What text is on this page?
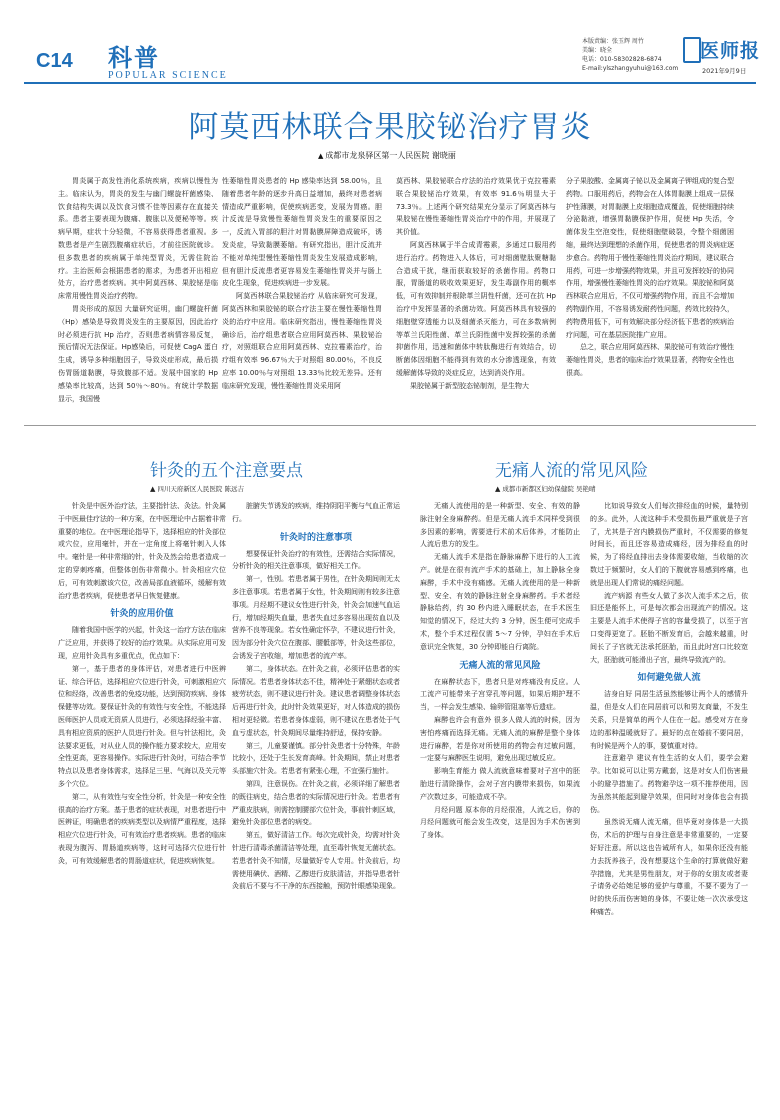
C14 科普
POPULAR SCIENCE
本版责编：张玉辉 周竹
美编：晓全
电话：010-58302828-6874
E-mail:ylszhangyuhui@163.com
医师报
2021年9月9日
阿莫西林联合果胶铋治疗胃炎
▲ 成都市龙泉驿区第一人民医院 谢晓丽

胃炎属于高发性消化系统疾病，疾病以慢性为主。临床认为，胃炎的发生与幽门螺旋杆菌感染、饮食结构失调以及饮食习惯不佳等因素存在直接关系。患者主要表现为腹痛、腹胀以及便秘等等。疾病早期，症状十分轻微，不容易获得患者重视。多数患者是产生剧烈腹痛症状后，才前往医院就诊。但多数患者的疾病属于单纯型胃炎，无需住院治疗。主治医师会根据患者的需求，为患者开出相应处方，治疗患者疾病。其中阿莫西林、果胶铋是临床常用慢性胃炎治疗药物。

胃炎形成的原因 大量研究证明，幽门螺旋杆菌（Hp）感染是导致胃炎发生的主要原因，因此治疗时必须进行抗 Hp 治疗，否则患者病情容易反复，预后情况无法保证。Hp感染后，可促使 CagA 蛋白生成，诱导多种细胞因子，导致炎症形成，最后损伤胃肠道黏膜，导致腹部不适。发展中国家的 Hp 感染率比较高，达到 50％～80％。有统计学数据显示，我国慢

性萎缩性胃炎患者的 Hp 感染率达到 58.00％，且随着患者年龄的逐步升高日益增加，最终对患者病情造成严重影响，促使疾病恶变，发展为胃癌。胆汁反流是导致慢性萎缩性胃炎发生的重要原因之一，反流入胃部的胆汁对胃黏膜屏障造成破坏，诱发炎症，导致黏膜萎缩。有研究指出，胆汁反流并不能对单纯型慢性萎缩性胃炎发生发展造成影响，但有胆汁反流患者更容易发生萎缩性胃炎并与肠上皮化生现象，促进疾病进一步发展。

阿莫西林联合果胶铋治疗 从临床研究可发现，阿莫西林和果胶铋的联合疗法主要在慢性萎缩性胃炎的治疗中应用。临床研究指出，慢性萎缩性胃炎确诊后，治疗组患者联合应用阿莫西林、果胶铋治疗，对照组联合应用阿莫西林、克拉霉素治疗，治疗组有效率 96.67％大于对照组 80.00％，不良反应率 10.00％与对照组 13.33％比较无差异。还有临床研究发现，慢性萎缩性胃炎采用阿

莫西林、果胶铋联合疗法的治疗效果优于克拉霉素联合果胶铋治疗效果，有效率 91.6％明显大于 73.3％。上述两个研究结果充分显示了阿莫西林与果胶铋在慢性萎缩性胃炎治疗中的作用，并展现了其价值。

阿莫西林属于半合成青霉素，多通过口服用药进行治疗。药物进入人体后，可对细菌壁肽聚糖黏合造成干扰，继而获取较好的杀菌作用。药物口服，胃肠道的吸收效果更好，发生毒副作用的概率低，可有效抑制并根除革兰阴性杆菌，还可在抗 Hp 治疗中发挥显著的杀菌功效。阿莫西林具有较强的细胞壁穿透能力以及细菌杀灭能力，可在多数病例等革兰氏阳性菌、革兰氏阴性菌中发挥较强的杀菌抑菌作用，迅速和菌体中转肽酶进行有效结合，切断菌体因细胞不能得到有效的水分渗透现象，有效缓解菌体导致的炎症反应，达到消炎作用。

果胶铋属于新型胶态铋制剂，是生物大

分子果胶酸、金属离子铋以及金属离子钾组成的复合型药物。口服用药后，药物会在人体胃黏膜上组成一层保护性薄膜，对胃黏膜上皮细胞造成覆盖，促使细胞持续分泌黏液，增强胃黏膜保护作用，促使 Hp 失活，令菌体发生空泡变性，促使细胞壁破裂，令整个细菌困缩，最终达到理想的杀菌作用，促使患者的胃炎病症逐步愈合。药物用于慢性萎缩性胃炎治疗期间，建议联合用药，可进一步增强药物效果，并且可发挥较好的协同作用，增强慢性萎缩性胃炎的治疗效果。果胶铋和阿莫西林联合应用后，不仅可增强药物作用，而且不会增加药物副作用，不容易诱发耐药性问题，药效比较持久，药物费用低下，可有效解决部分经济低下患者的疾病治疗问题，可在基层医院推广应用。

总之，联合应用阿莫西林、果胶铋可有效治疗慢性萎缩性胃炎，患者的临床治疗效果显著，药物安全性也很高。

针灸的五个注意要点
▲ 四川天府新区人民医院 陈远吉
无痛人流的常见风险
▲ 成都市新都区妇幼保健院 吴艳晴

针灸是中医外治疗法，主要指针法、灸法。针灸属于中医最佳疗法的一种方案，在中医理论中占据着非常重要的地位。在中医理论指导下，选择相应的针灸部位或穴位，应用毫针，并在一定角度上将毫针刺入人体中。毫针是一种非常细的针，针灸及然会给患者造成一定的穿刺疼痛，但整体创伤非常微小。针灸相应穴位后，可有效刺激该穴位，改善局部血液循环，缓解有效治疗患者疾病，促使患者早日恢复健康。

针灸的应用价值

随着我国中医学的兴起，针灸这一治疗方法在临床广泛应用，并获得了较好的治疗效果。从实际应用可发现，应用针灸具有多重优点，优点如下：

第一，基于患者的身体评估，对患者进行中医辨证、综合评估，选择相应穴位进行针灸，可刺激相应穴位和经络，改善患者的免疫功能，达到预防疾病、身体保健等功效。要保证针灸的有效性与安全性，不能选择医师医护人员或无资质人员进行，必须选择经验丰富、具有相应资质的医护人员进行针灸。但与针法相比，灸法要求更低，对从业人员的操作能力要求较大，应用安全性更高，更容易操作。实际进行针灸时，可结合季节特点以及患者身体需求，选择足三里、气海以及关元等多个穴位。

第二，从有效性与安全性分析，针灸是一种安全性很高的治疗方案。基于患者的症状表现，对患者进行中医辨证，明确患者的疾病类型以及病情严重程度，选择相应穴位进行针灸，可有效治疗患者疾病。患者的临床表现为腹泻、胃肠道疾病等，这时可选择穴位进行针灸，可有效缓解患者的胃肠道症状，促进疾病恢复。

脏腑失节诱发的疾病，维持阴阳平衡与气血正常运行。

针灸时的注意事项

想要保证针灸治疗的有效性，还需结合实际情况，分析针灸的相关注意事项，做好相关工作。

第一，性别。若患者属于男性，在针灸期间则无太多注意事项。若患者属于女性，针灸期间则有较多注意事项。月经期不建议女性进行针灸，针灸会加速气血运行，增加经期失血量，患者失血过多容易出现贫血以及营养不良等现象。若女性确定怀孕，不建议进行针灸，因为部分针灸穴位在腹部、腰骶部等，针灸这些部位，会诱发子宫收缩，增加患者的流产率。

第二，身体状态。在针灸之前，必须评估患者的实际情况。若患者身体状态不佳，精神处于紧绷状态或者疲劳状态，则不建议进行针灸。建议患者调整身体状态后再进行针灸，此时针灸效果更好，对人体造成的损伤相对更轻微。若患者身体虚弱，则不建议在患者处于气血亏虚状态，针灸期间尽量维持舒适，保持安静。

第三，儿童要谨慎。部分针灸患者十分特殊，年龄比较小，还处于生长发育高峰。针灸期间，禁止对患者头部施穴针灸。若患者有紧张心理，不宜强行施针。

第四，注意误伤。在针灸之前，必须详细了解患者的既往病史，结合患者的实际情况进行针灸。若患者有严重皮肤病，则需控制腰部穴位针灸，事前针刺区域，避免针灸部位患者的病变。

第五，做好清洁工作。每次完成针灸，均需对针灸针进行清毒杀菌清洁等处理，直至毒针恢复无菌状态。若患者针灸不知情，尽量做好专人专用。针灸前后，均需使用碘伏、酒精、乙醇进行皮肤清洁，并指导患者针灸前后不要与不干净的东西接触，预防针眼感染现象。

无痛人流使用的是一种新型、安全、有效的静脉注射全身麻醉药。但是无痛人流手术同样受到很多因素的影响，需要进行术前术后体养，才能防止人流后患方的发生。

无痛人流手术是指在静脉麻醉下进行的人工流产。就是在很有流产手术的基础上，加上静脉全身麻醉，手术中没有痛感。无痛人流使用的是一种新型、安全、有效的静脉注射全身麻醉药。手术者经静脉给药，约 30 秒内进入睡眠状态，在手术医生知觉的情况下，经过大约 3 分钟，医生便可完成手术，整个手术过程仅需 5～7 分钟，孕妇在手术后意识完全恢复，30 分钟即能自行离院。

无痛人流的常见风险

在麻醉状态下，患者只是对疼痛没有反应。人工流产可能带来子宫穿孔等问题，如果后期护理不当，一样会发生感染、输卵管阻塞等后遗症。

麻醉也许会有意外 很多人做人流的时候，因为害怕疼痛而选择无痛。无痛人流的麻醉是整个身体进行麻醉，若是你对所使用的药物会有过敏问题，一定要与麻醉医生说明，避免出现过敏反应。

影响生育能力 做人流就意味着要对子宫中的胚胎进行清除操作，会对子宫内膜带来损伤，如果流产次数过多，可能造成不孕。

月经问题 原本你的月经很准，人流之后，你的月经问题就可能会发生改变，这是因为手术伤害到了身体。

比如说导致女人们每次排经血的时候，量特别的多。此外，人流这种手术受损伤最严重就是子宫了，尤其是子宫内膜损伤严重时，不仅需要的修复时间长，而且还容易造成痛经，因为排经血的时候，为了将经血排出去身体需要收缩，当收缩的次数过于频繁时，女人们的下腹就容易感到疼痛，也就是出现人们常说的痛经问题。

流产病源 有些女人做了多次人流手术之后，依旧还是能怀上，可是每次都会出现流产的情况。这主要是人流手术使得子宫的容量受损了，以至于宫口变得更宽了。胚胎不断发育后，会越来越重，时间长了子宫就无法承托胚胎，而且此时宫口比较宽大，胚胎就可能滑出子宫，最终导致流产的。

如何避免做人流

洁身自好 同居生活虽然能够让两个人的感情升温，但是女人们在同居前可以和男友商量，不发生关系，只是简单的两个人住在一起。感受对方在身边的那种温暖就好了。最好的点在婚前不要同居，有时候是两个人的事，要慎重对待。

注意避孕 建议有性生活的女人们，要学会避孕。比如说可以让男方戴套，这是对女人们伤害最小的避孕措施了。药物避孕这一项不推荐使用，因为虽然其能起到避孕效果，但同时对身体也会有损伤。

虽然说无痛人流无痛，但毕竟对身体是一大损伤，术后的护理与自身注意是非常重要的，一定要好好注意。所以这也告诫所有人，如果你还没有能力去抚养孩子，没有想要这个生命的打算就做好避孕措施，尤其是男性朋友，对于你的女朋友或者妻子请务必给她足够的爱护与尊重，不要不要为了一时的快乐而伤害她的身体，不要让她一次次承受这种痛苦。
